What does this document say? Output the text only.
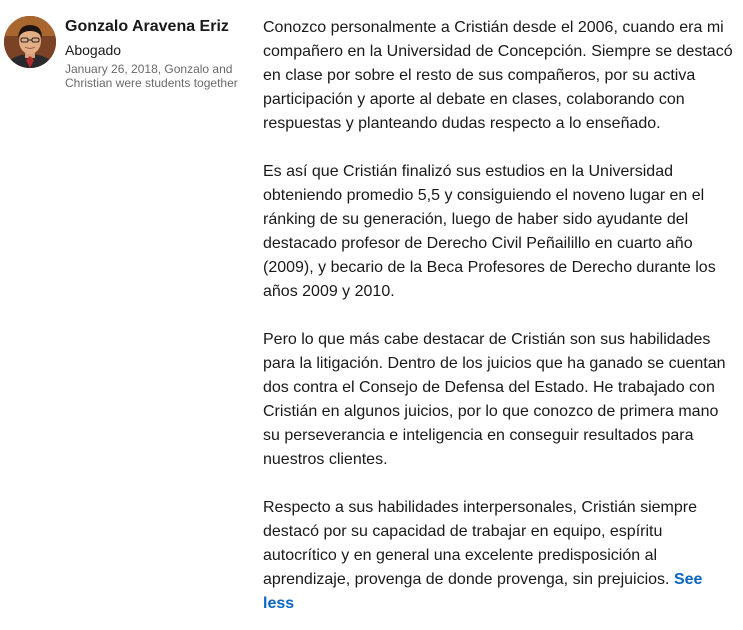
Gonzalo Aravena Eriz
Abogado
January 26, 2018, Gonzalo and Christian were students together

Conozco personalmente a Cristián desde el 2006, cuando era mi compañero en la Universidad de Concepción. Siempre se destacó en clase por sobre el resto de sus compañeros, por su activa participación y aporte al debate en clases, colaborando con respuestas y planteando dudas respecto a lo enseñado.

Es así que Cristián finalizó sus estudios en la Universidad obteniendo promedio 5,5 y consiguiendo el noveno lugar en el ránking de su generación, luego de haber sido ayudante del destacado profesor de Derecho Civil Peñailillo en cuarto año (2009), y becario de la Beca Profesores de Derecho durante los años 2009 y 2010.

Pero lo que más cabe destacar de Cristián son sus habilidades para la litigación. Dentro de los juicios que ha ganado se cuentan dos contra el Consejo de Defensa del Estado. He trabajado con Cristián en algunos juicios, por lo que conozco de primera mano su perseverancia e inteligencia en conseguir resultados para nuestros clientes.

Respecto a sus habilidades interpersonales, Cristián siempre destacó por su capacidad de trabajar en equipo, espíritu autocrítico y en general una excelente predisposición al aprendizaje, provenga de donde provenga, sin prejuicios. See less
